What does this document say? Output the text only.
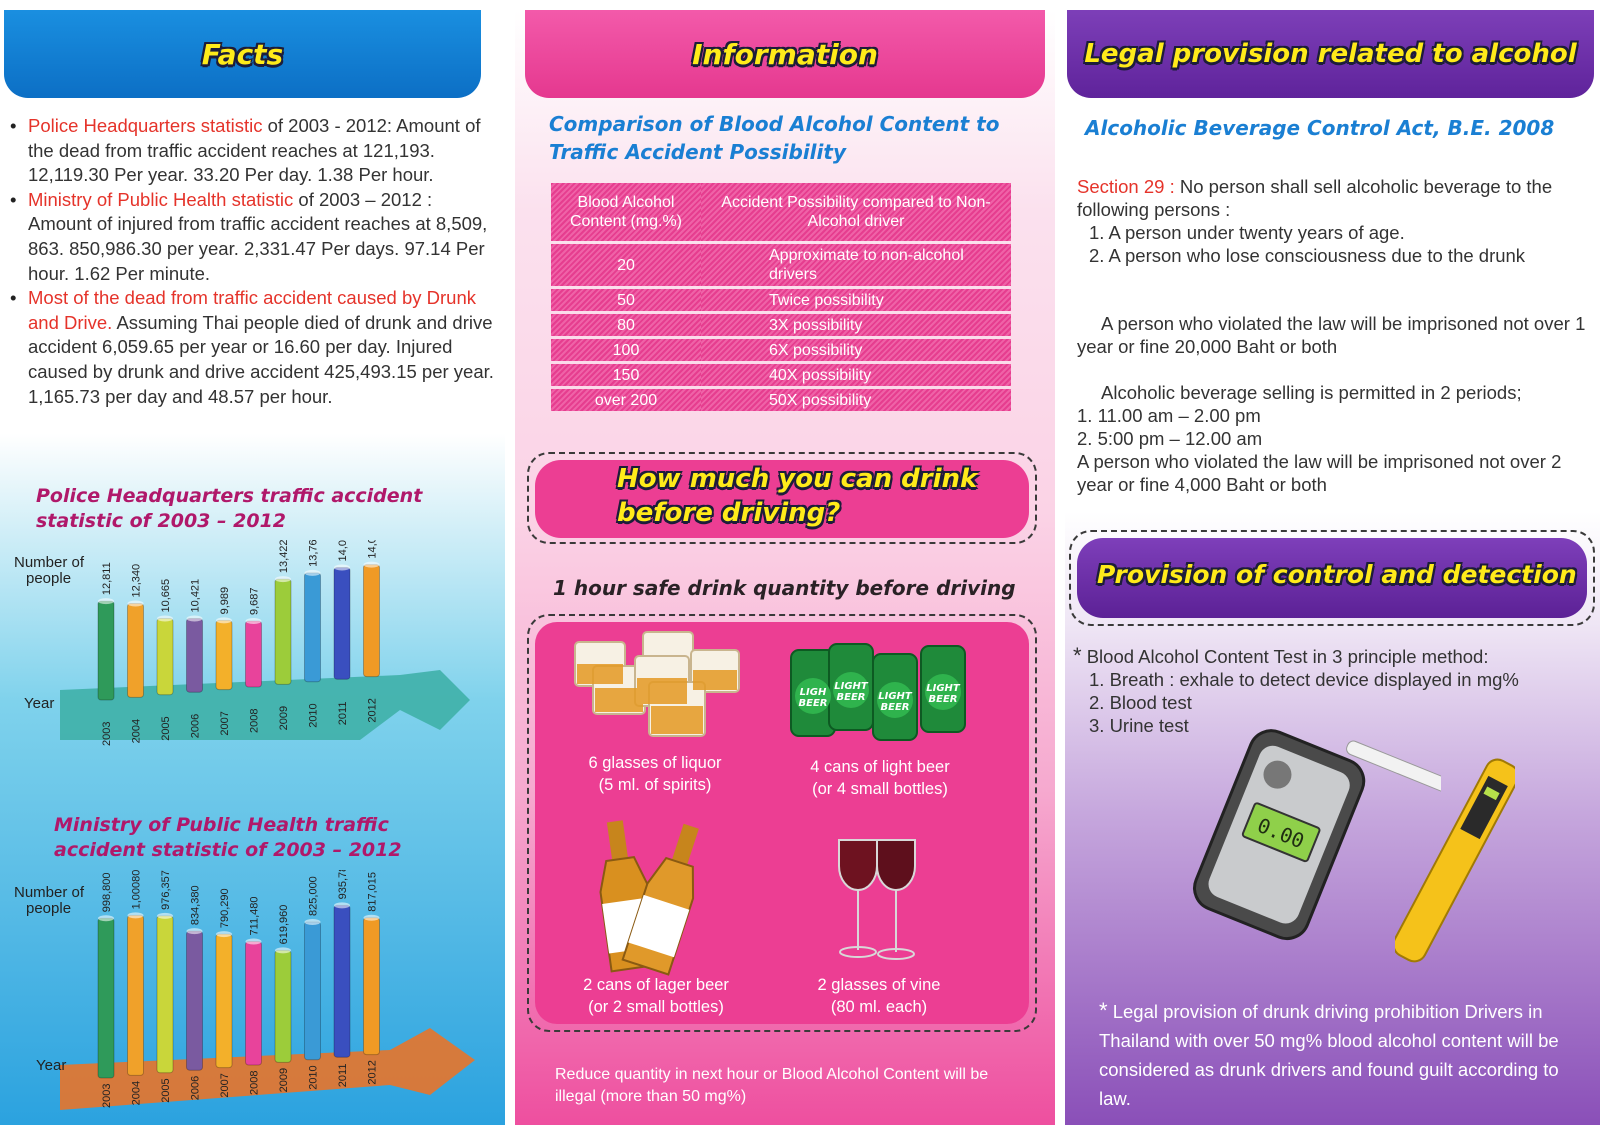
Facts
• Police Headquarters statistic of 2003 - 2012: Amount of the dead from traffic accident reaches at 121,193. 12,119.30 Per year. 33.20 Per day. 1.38 Per hour.
• Ministry of Public Health statistic of 2003 – 2012 : Amount of injured from traffic accident reaches at 8,509, 863. 850,986.30 per year. 2,331.47 Per days. 97.14 Per hour. 1.62 Per minute.
• Most of the dead from traffic accident caused by Drunk and Drive. Assuming Thai people died of drunk and drive accident 6,059.65 per year or 16.60 per day. Injured caused by drunk and drive accident 425,493.15 per year. 1,165.73 per day and 48.57 per hour.
Police Headquarters traffic accident statistic of 2003 – 2012
Number of
people
Year
12,811
2003
12,340
2004
10,665
2005
10,421
2006
9,989
2007
9,687
2008
13,422
2009
13,766
2010
14,033
2011
14,059
2012
Ministry of Public Health traffic accident statistic of 2003 – 2012
Number of
people
Year
998,800
2003
1,000800
2004
976,357
2005
834,380
2006
790,290
2007
711,480
2008
619,960
2009
825,000
2010
935,781
2011
817,015
2012
Information
Comparison of Blood Alcohol Content to Traffic Accident Possibility
Blood Alcohol Content (mg.%)	Accident Possibility compared to Non-Alcohol driver
20	Approximate to non-alcohol drivers
50	Twice possibility
80	3X possibility
100	6X possibility
150	40X possibility
over 200	50X possibility
How much you can drink
before driving?
1 hour safe drink quantity before driving
LIGH
BEER
LIGHT
BEER LIGHT
BEER
LIGHT
BEER
6 glasses of liquor
(5 ml. of spirits)
4 cans of light beer
(or 4 small bottles)
2 cans of lager beer
(or 2 small bottles)
2 glasses of vine
(80 ml. each)
Reduce quantity in next hour or Blood Alcohol Content will be illegal (more than 50 mg%)
Legal provision related to alcohol
Alcoholic Beverage Control Act, B.E. 2008
Section 29 : No person shall sell alcoholic beverage to the following persons :
1. A person under twenty years of age.
2. A person who lose consciousness due to the drunk
A person who violated the law will be imprisoned not over 1 year or fine 20,000 Baht or both
Alcoholic beverage selling is permitted in 2 periods;
1. 11.00 am – 2.00 pm
2. 5:00 pm – 12.00 am
A person who violated the law will be imprisoned not over 2 year or fine 4,000 Baht or both
Provision of control and detection
* Blood Alcohol Content Test in 3 principle method:
1. Breath : exhale to detect device displayed in mg%
2. Blood test
3. Urine test
0.00
* Legal provision of drunk driving prohibition Drivers in Thailand with over 50 mg% blood alcohol content will be considered as drunk drivers and found guilt according to law.
